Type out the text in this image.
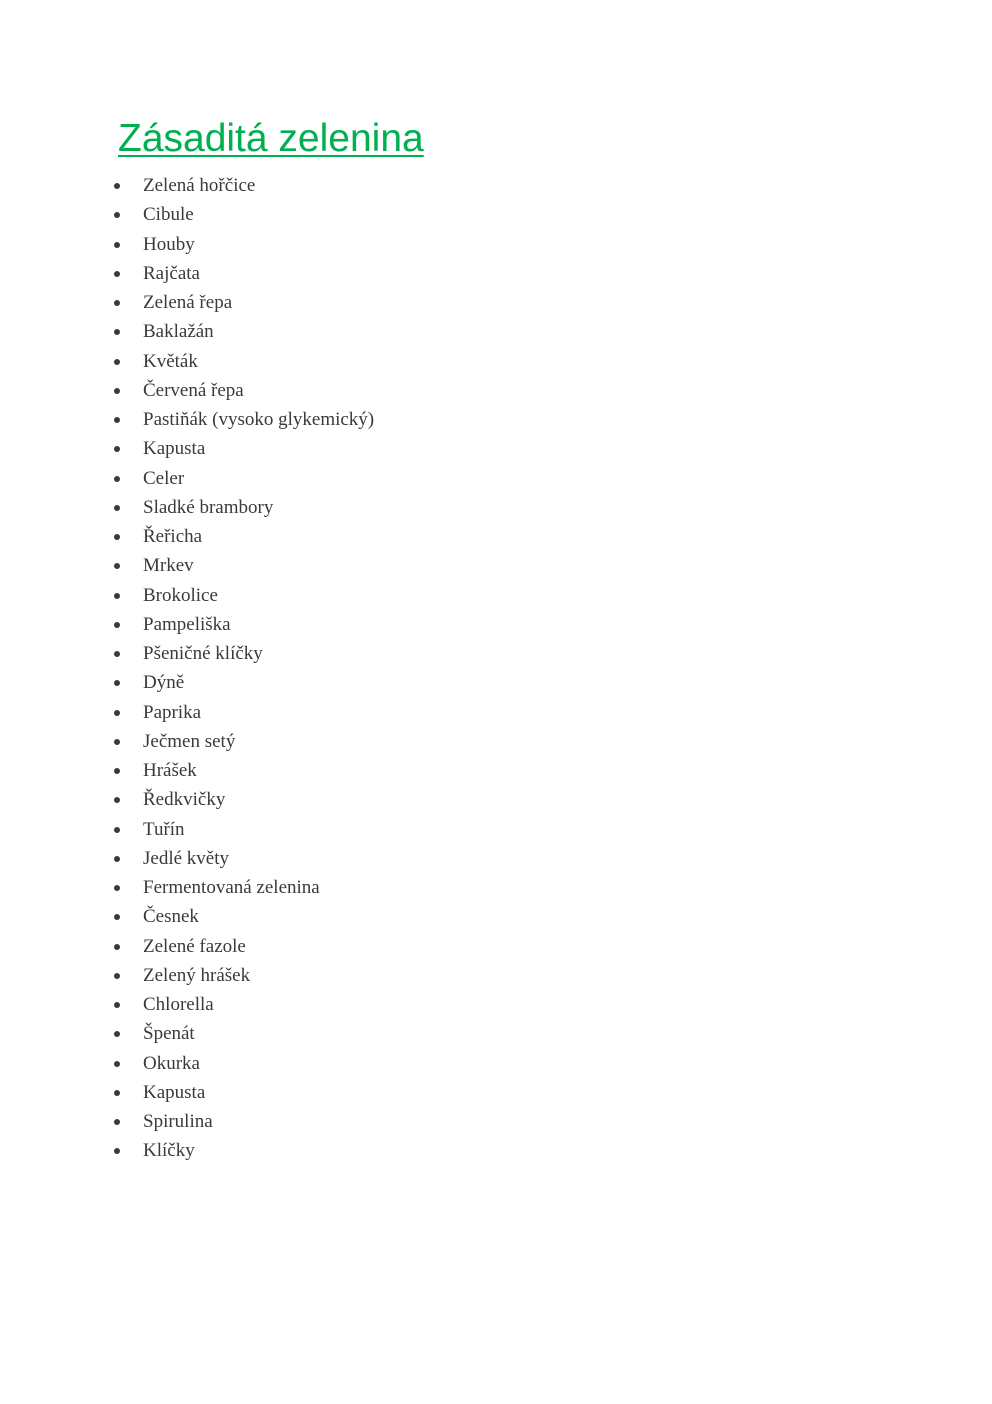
Zásaditá zelenina
Zelená hořčice
Cibule
Houby
Rajčata
Zelená řepa
Baklažán
Květák
Červená řepa
Pastiňák (vysoko glykemický)
Kapusta
Celer
Sladké brambory
Řeřicha
Mrkev
Brokolice
Pampeliška
Pšeničné klíčky
Dýně
Paprika
Ječmen setý
Hrášek
Ředkvičky
Tuřín
Jedlé květy
Fermentovaná zelenina
Česnek
Zelené fazole
Zelený hrášek
Chlorella
Špenát
Okurka
Kapusta
Spirulina
Klíčky
